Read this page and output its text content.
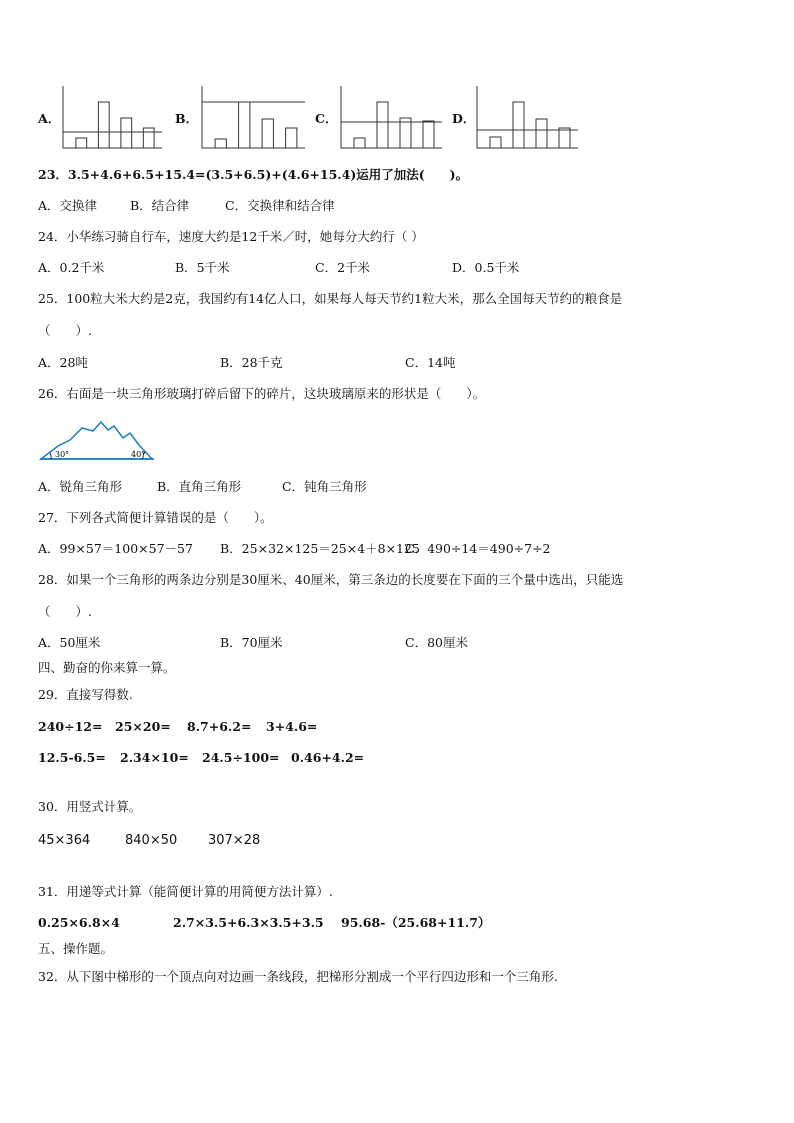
A．	B．	C．	D．
23．3.5+4.6+6.5+15.4=(3.5+6.5)+(4.6+15.4)运用了加法(　　)。
A．交换律	B．结合律	C．交换律和结合律
24．小华练习骑自行车，速度大约是12千米／时，她每分大约行（ ）
A．0.2千米	B．5千米	C．2千米	D．0.5千米
25．100粒大米大约是2克，我国约有14亿人口，如果每人每天节约1粒大米，那么全国每天节约的粮食是
（　　）.
A．28吨	B．28千克	C．14吨
26．右面是一块三角形玻璃打碎后留下的碎片，这块玻璃原来的形状是（　　）。
30°	40°
A．锐角三角形	B．直角三角形	C．钝角三角形
27．下列各式简便计算错误的是（　　）。
A．99×57＝100×57－57 B．25×32×125＝25×4＋8×125
C．490÷14＝490÷7÷2
28．如果一个三角形的两条边分别是30厘米、40厘米，第三条边的长度要在下面的三个量中选出，只能选
（　　）.
A．50厘米	B．70厘米	C．80厘米
四、勤奋的你来算一算。
29．直接写得数.
240÷12= 25×20= 8.7+6.2= 3+4.6=
12.5-6.5= 2.34×10= 24.5÷100= 0.46+4.2=
30．用竖式计算。
45×364	840×50 307×28
31．用递等式计算（能简便计算的用简便方法计算）.
0.25×6.8×4	2.7×3.5+6.3×3.5+3.5 95.68-（25.68+11.7）
五、操作题。
32．从下图中梯形的一个顶点向对边画一条线段，把梯形分割成一个平行四边形和一个三角形.
